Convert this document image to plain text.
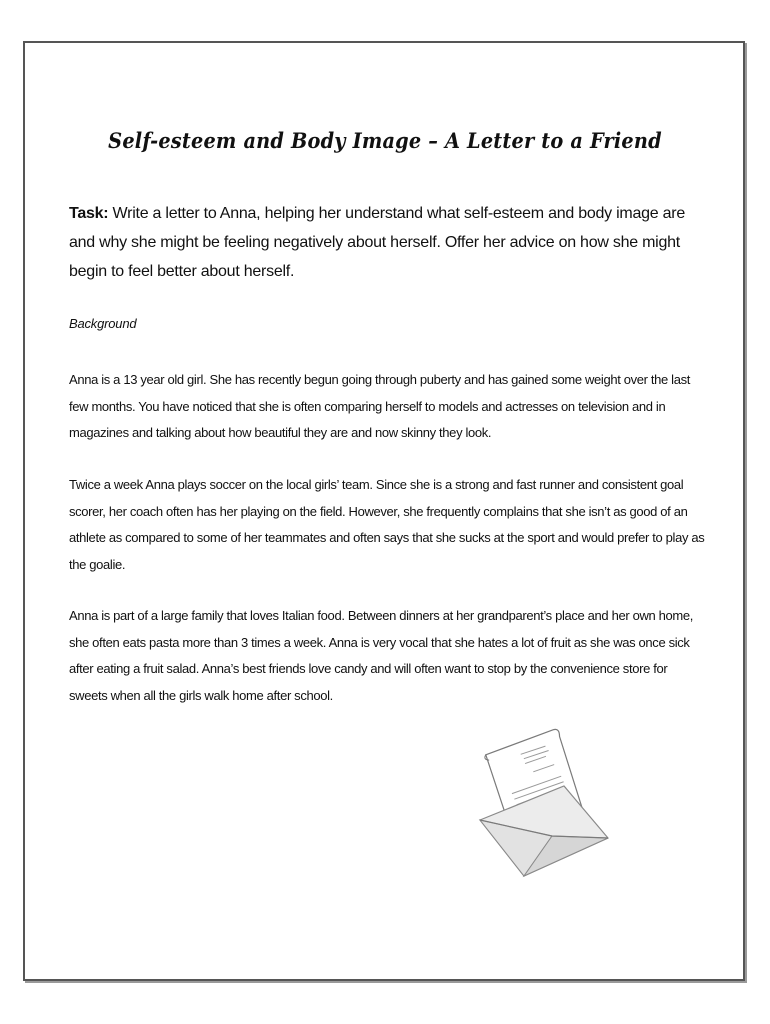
Self-esteem and Body Image – A Letter to a Friend
Task: Write a letter to Anna, helping her understand what self-esteem and body image are and why she might be feeling negatively about herself. Offer her advice on how she might begin to feel better about herself.
Background
Anna is a 13 year old girl. She has recently begun going through puberty and has gained some weight over the last few months. You have noticed that she is often comparing herself to models and actresses on television and in magazines and talking about how beautiful they are and now skinny they look.
Twice a week Anna plays soccer on the local girls’ team. Since she is a strong and fast runner and consistent goal scorer, her coach often has her playing on the field. However, she frequently complains that she isn’t as good of an athlete as compared to some of her teammates and often says that she sucks at the sport and would prefer to play as the goalie.
Anna is part of a large family that loves Italian food. Between dinners at her grandparent’s place and her own home, she often eats pasta more than 3 times a week. Anna is very vocal that she hates a lot of fruit as she was once sick after eating a fruit salad. Anna’s best friends love candy and will often want to stop by the convenience store for sweets when all the girls walk home after school.
